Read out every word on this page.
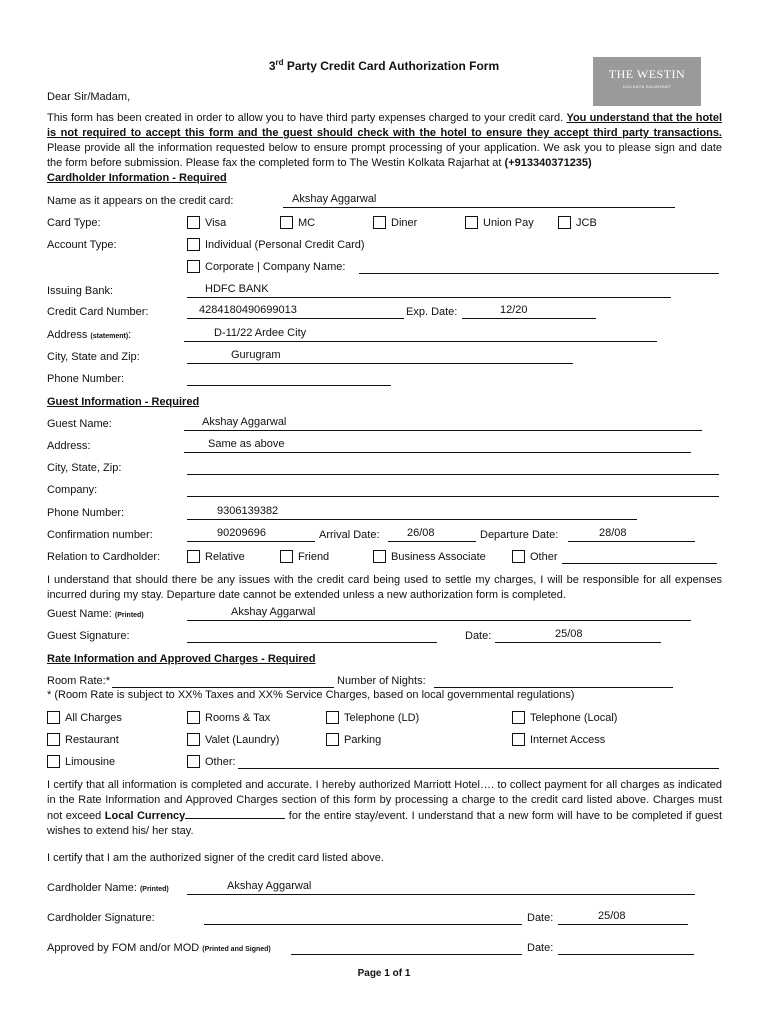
3rd Party Credit Card Authorization Form
THE WESTIN
KOLKATA RAJARHAT
Dear Sir/Madam,
This form has been created in order to allow you to have third party expenses charged to your credit card. You understand that the hotel is not required to accept this form and the guest should check with the hotel to ensure they accept third party transactions. Please provide all the information requested below to ensure prompt processing of your application. We ask you to please sign and date the form before submission. Please fax the completed form to The Westin Kolkata Rajarhat at (+913340371235)
Cardholder Information - Required
Name as it appears on the credit card:	Akshay Aggarwal
Card Type:	Visa	MC	Diner	Union Pay	JCB
Account Type:	Individual (Personal Credit Card)
Corporate | Company Name:
Issuing Bank:	HDFC BANK
Credit Card Number:	4284180490699013	Exp. Date:	12/20
Address (statement):	D-11/22 Ardee City
City, State and Zip:	Gurugram
Phone Number:
Guest Information - Required
Guest Name:	Akshay Aggarwal
Address:	Same as above
City, State, Zip:
Company:
Phone Number:	9306139382
Confirmation number:	90209696	Arrival Date:	26/08	Departure Date:	28/08
Relation to Cardholder:	Relative	Friend	Business Associate	Other
I understand that should there be any issues with the credit card being used to settle my charges, I will be responsible for all expenses incurred during my stay. Departure date cannot be extended unless a new authorization form is completed.
Guest Name: (Printed)	Akshay Aggarwal
Guest Signature:	Date:	25/08
Rate Information and Approved Charges - Required
Room Rate:*	Number of Nights:
* (Room Rate is subject to XX% Taxes and XX% Service Charges, based on local governmental regulations)
All Charges	Rooms & Tax	Telephone (LD)	Telephone (Local)
Restaurant	Valet (Laundry)	Parking	Internet Access
Limousine	Other:
I certify that all information is completed and accurate. I hereby authorized Marriott Hotel…. to collect payment for all charges as indicated in the Rate Information and Approved Charges section of this form by processing a charge to the credit card listed above. Charges must not exceed Local Currency	for the entire stay/event. I understand that a new form will have to be completed if guest wishes to extend his/ her stay.
I certify that I am the authorized signer of the credit card listed above.
Cardholder Name: (Printed)	Akshay Aggarwal
Cardholder Signature:	Date:	25/08
Approved by FOM and/or MOD (Printed and Signed)	Date:
Page 1 of 1
